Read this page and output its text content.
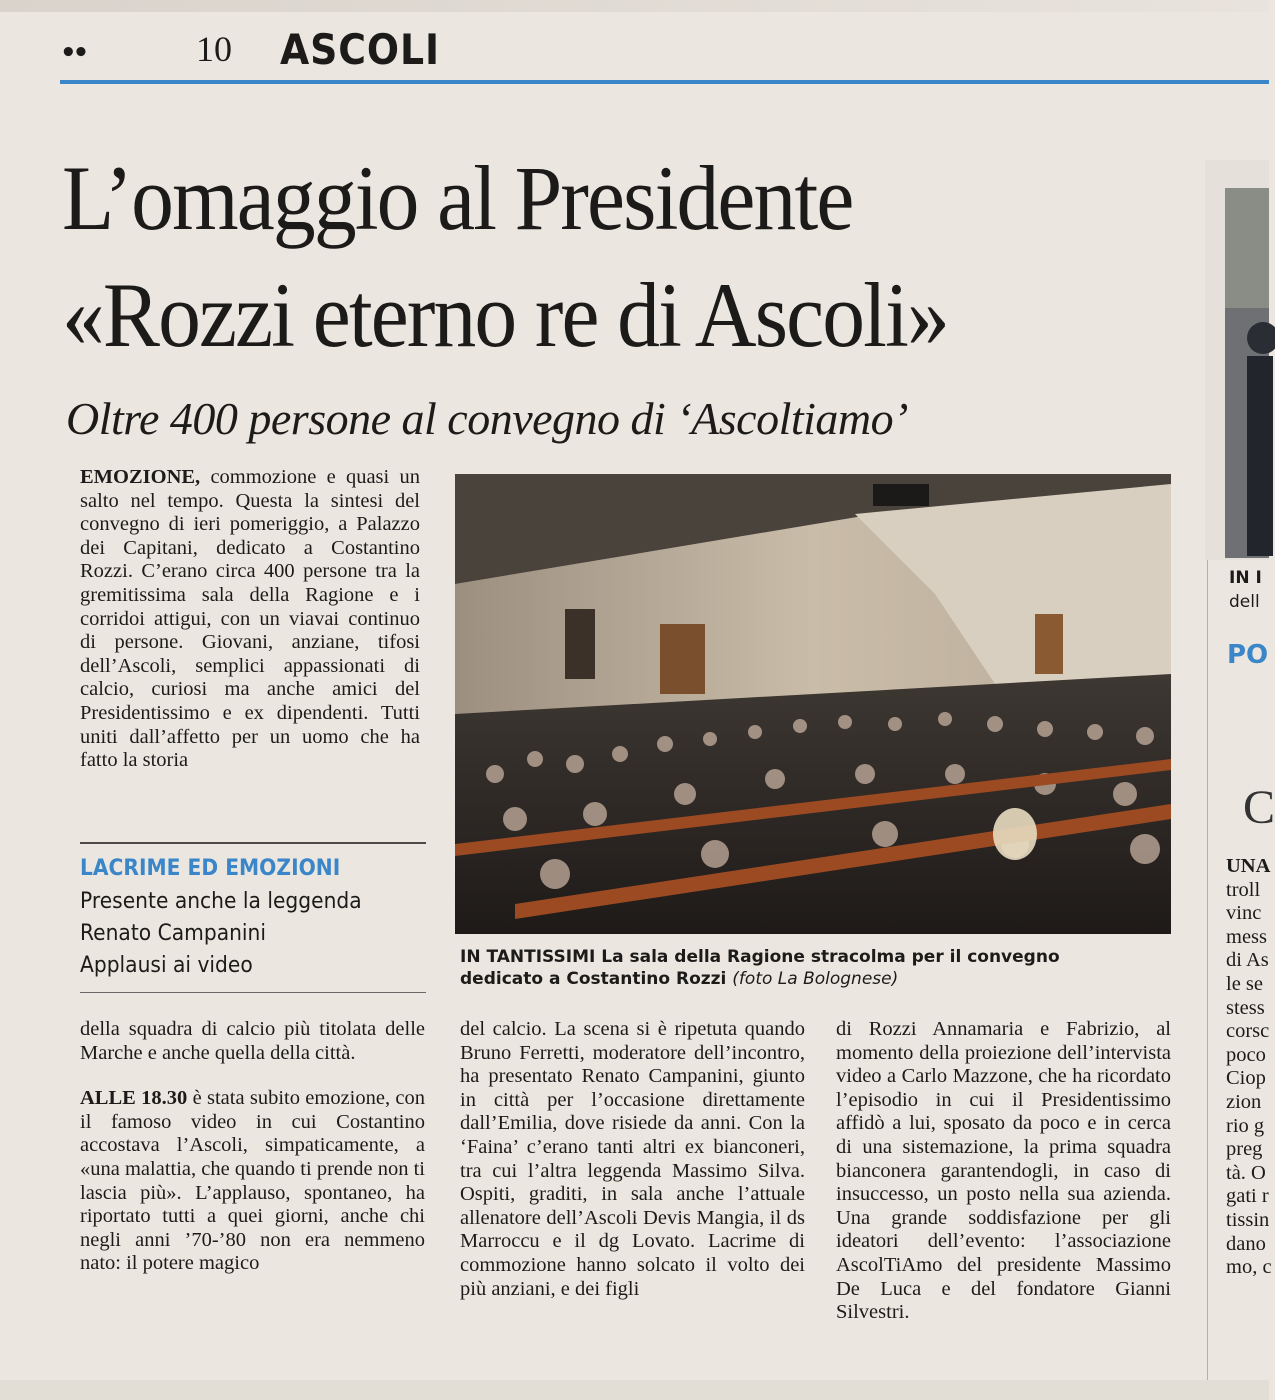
••	10 ASCOLI
L’omaggio al Presidente
«Rozzi eterno re di Ascoli»
Oltre 400 persone al convegno di ‘Ascoltiamo’

EMOZIONE, commozione e quasi un salto nel tempo. Questa la sintesi del convegno di ieri pomeriggio, a Palazzo dei Capitani, dedicato a Costantino Rozzi. C’erano circa 400 persone tra la gremitissima sala della Ragione e i corridoi attigui, con un viavai continuo di persone. Giovani, anziane, tifosi dell’Ascoli, semplici appassionati di calcio, curiosi ma anche amici del Presidentissimo e ex dipendenti. Tutti uniti dall’affetto per un uomo che ha fatto la storia

LACRIME ED EMOZIONI
Presente anche la leggenda
Renato Campanini
Applausi ai video

della squadra di calcio più titolata delle Marche e anche quella della città.

ALLE 18.30 è stata subito emozione, con il famoso video in cui Costantino accostava l’Ascoli, simpaticamente, a «una malattia, che quando ti prende non ti lascia più». L’applauso, spontaneo, ha riportato tutti a quei giorni, anche chi negli anni ’70-’80 non era nemmeno nato: il potere magico

del calcio. La scena si è ripetuta quando Bruno Ferretti, moderatore dell’incontro, ha presentato Renato Campanini, giunto in città per l’occasione direttamente dall’Emilia, dove risiede da anni. Con la ‘Faina’ c’erano tanti altri ex bianconeri, tra cui l’altra leggenda Massimo Silva. Ospiti, graditi, in sala anche l’attuale allenatore dell’Ascoli Devis Mangia, il ds Marroccu e il dg Lovato. Lacrime di commozione hanno solcato il volto dei più anziani, e dei figli

di Rozzi Annamaria e Fabrizio, al momento della proiezione dell’intervista video a Carlo Mazzone, che ha ricordato l’episodio in cui il Presidentissimo affidò a lui, sposato da poco e in cerca di una sistemazione, la prima squadra bianconera garantendogli, in caso di insuccesso, un posto nella sua azienda. Una grande soddisfazione per gli ideatori dell’evento: l’associazione AscolTiAmo del presidente Massimo De Luca e del fondatore Gianni Silvestri.

IN TANTISSIMI La sala della Ragione stracolma per il convegno
dedicato a Costantino Rozzi (foto La Bolognese)
IN I
dell
PO
C
UNA
troll
vinc
mess
di As
le se
stess
corsc
poco
Ciop
zion
rio g
preg
tà. O
gati r
tissin
dano
mo, c
